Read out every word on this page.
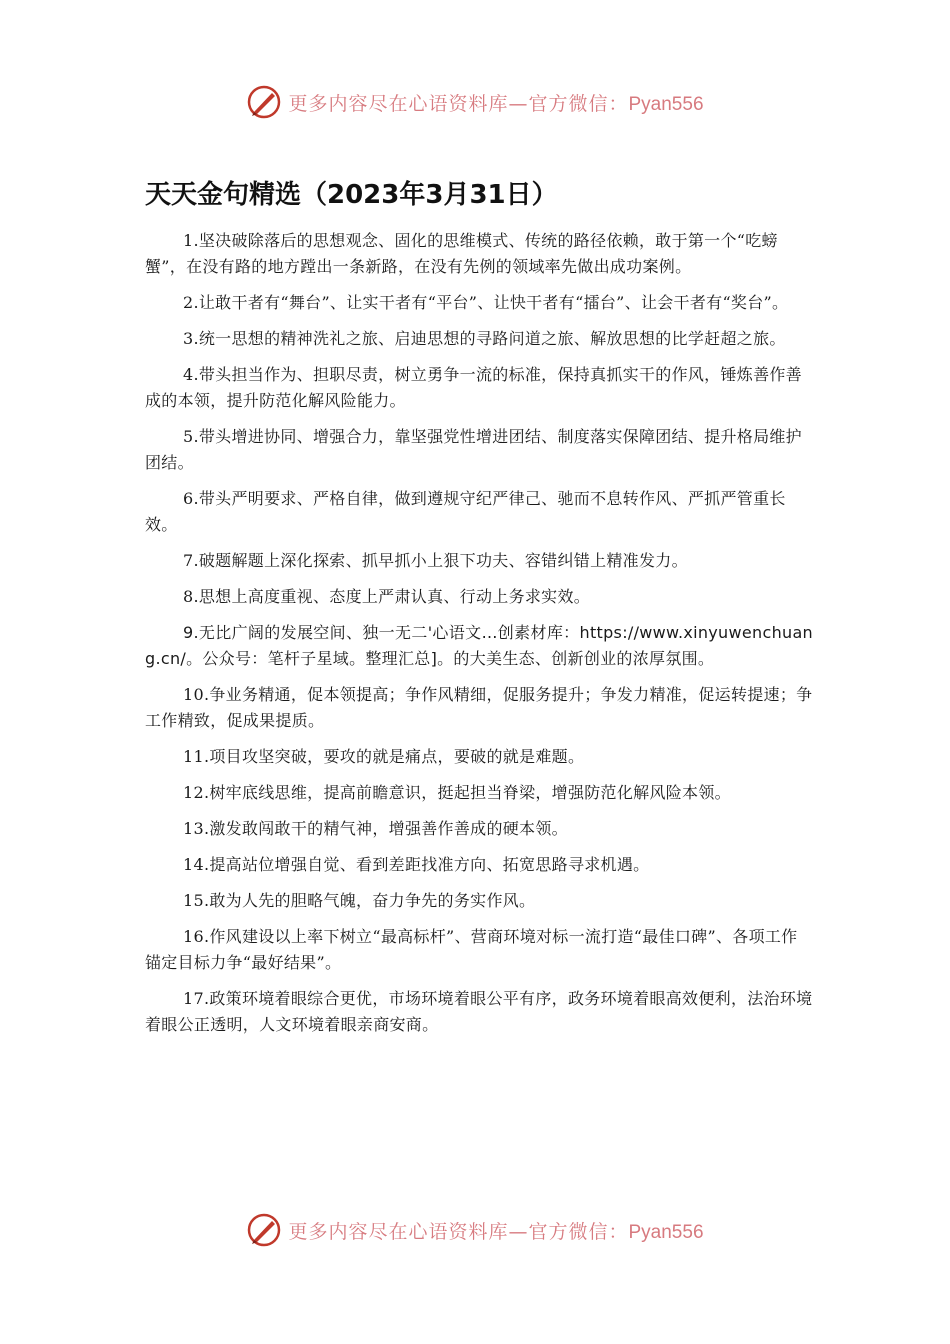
更多内容尽在心语资料库—官方微信：Pyan556
天天金句精选（2023年3月31日）

1.坚决破除落后的思想观念、固化的思维模式、传统的路径依赖，敢于第一个“吃螃蟹”，在没有路的地方蹚出一条新路，在没有先例的领域率先做出成功案例。

2.让敢干者有“舞台”、让实干者有“平台”、让快干者有“擂台”、让会干者有“奖台”。

3.统一思想的精神洗礼之旅、启迪思想的寻路问道之旅、解放思想的比学赶超之旅。

4.带头担当作为、担职尽责，树立勇争一流的标准，保持真抓实干的作风，锤炼善作善成的本领，提升防范化解风险能力。

5.带头增进协同、增强合力，靠坚强党性增进团结、制度落实保障团结、提升格局维护团结。

6.带头严明要求、严格自律，做到遵规守纪严律己、驰而不息转作风、严抓严管重长效。

7.破题解题上深化探索、抓早抓小上狠下功夫、容错纠错上精准发力。

8.思想上高度重视、态度上严肃认真、行动上务求实效。

9.无比广阔的发展空间、独一无二'心语文…创素材库：https://www.xinyuwenchuang.cn/。公众号：笔杆子星域。整理汇总]。的大美生态、创新创业的浓厚氛围。

10.争业务精通，促本领提高；争作风精细，促服务提升；争发力精准，促运转提速；争工作精致，促成果提质。

11.项目攻坚突破，要攻的就是痛点，要破的就是难题。

12.树牢底线思维，提高前瞻意识，挺起担当脊梁，增强防范化解风险本领。

13.激发敢闯敢干的精气神，增强善作善成的硬本领。

14.提高站位增强自觉、看到差距找准方向、拓宽思路寻求机遇。

15.敢为人先的胆略气魄，奋力争先的务实作风。

16.作风建设以上率下树立“最高标杆”、营商环境对标一流打造“最佳口碑”、各项工作锚定目标力争“最好结果”。

17.政策环境着眼综合更优，市场环境着眼公平有序，政务环境着眼高效便利，法治环境着眼公正透明，人文环境着眼亲商安商。

更多内容尽在心语资料库—官方微信：Pyan556
